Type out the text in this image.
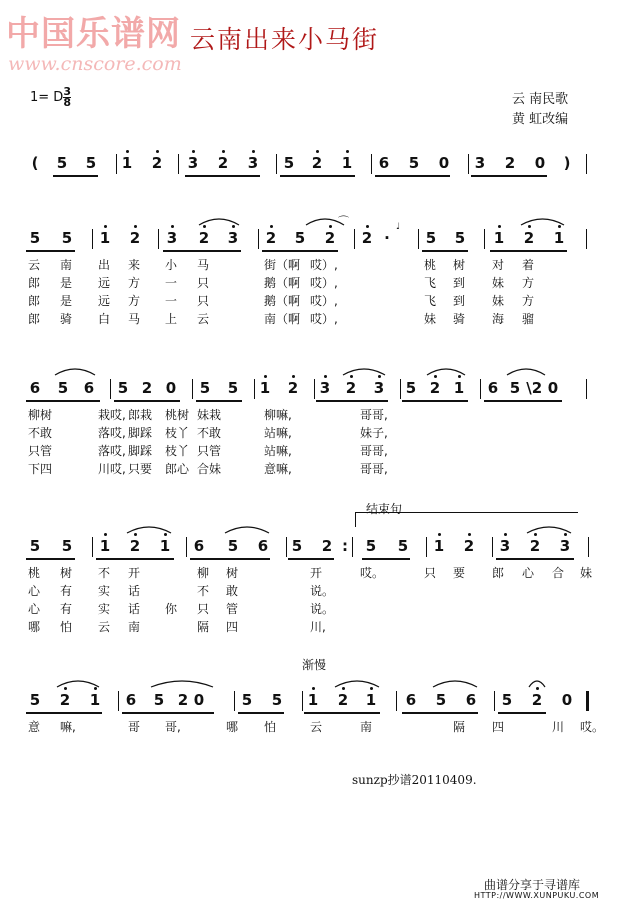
中国乐谱网
www.cnscore.com
云南出来小马街
1= D $\frac{3}{8}$	云 南民歌
黄 虹改编
( 5 5 1 2 3 2 3 5 2 1 6 5 0 3 2 0 )
5 5 1 2 3 2 3 2 5 2 2 · 5 5 1 2 1
云 南 出 来 小 马	街（啊 哎）,	桃 树 对 着
郎 是 远 方 一 只	鹅（啊 哎）,	飞 到 妹 方
郎 是 远 方 一 只	鹅（啊 哎）,	飞 到 妹 方
郎 骑 白 马 上 云	南（啊 哎）,	妹 骑 海 骝
6 5 6 5 2 0 5 5 1 2 3 2 3 5 2 1 6 5 \ 2 0
柳树	栽哎, 郎栽 桃树 妹栽	柳嘛,	哥哥,
不敢	落哎, 脚踩 枝丫 不敢	站嘛,	妹子,
只管	落哎, 脚踩 枝丫 只管	站嘛,	哥哥,
下四	川哎, 只要 郎心 合妹	意嘛,	哥哥,
5 5 1 2 1 6 5 6 5 2 : 5 5 1 2 3 2 3
桃 树 不 开	柳 树	开	哎。	只 要 郎 心 合 妹
心 有 实 话	不 敢	说。
心 有 实 话 你 只 管	说。
哪 怕 云 南	隔 四	川,
5 2 1 6 5 2 0	5 5 1 2 1 6 5 6 5 2 0
意 嘛,	哥 哥,	哪 怕	云	南	隔 四	川 哎。
结束句
⌒	♩
渐慢
sunzp抄谱20110409.
曲谱分享于寻谱库
HTTP://WWW.XUNPUKU.COM
